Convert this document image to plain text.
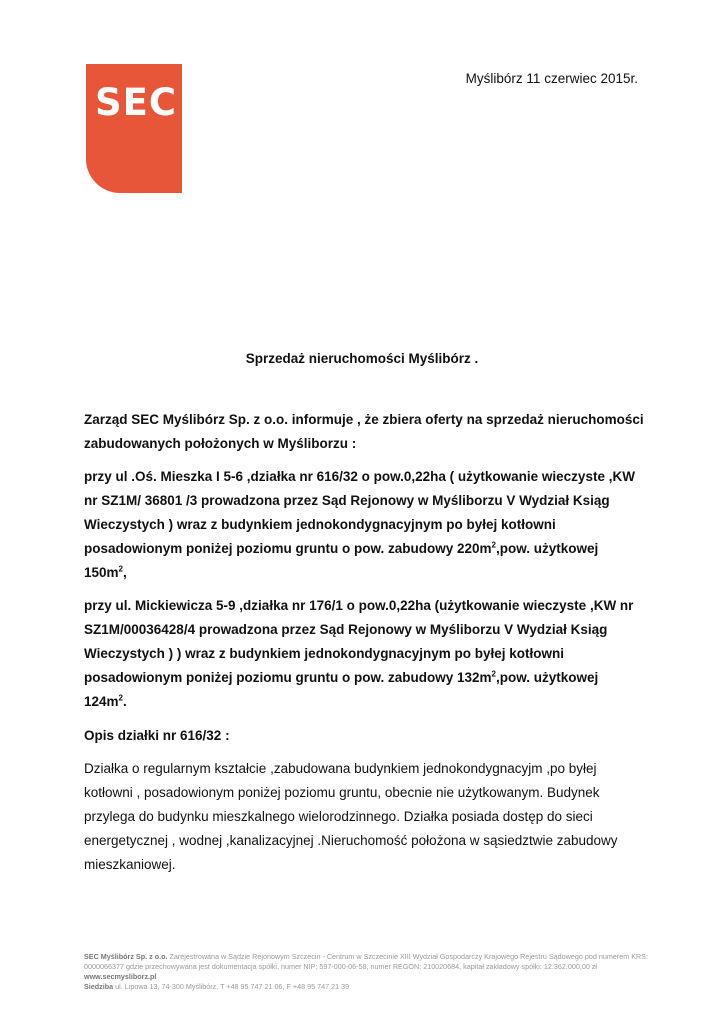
SEC
Myślibórz 11 czerwiec 2015r.
Sprzedaż nieruchomości Myślibórz .

Zarząd SEC Myślibórz Sp. z o.o. informuje , że zbiera oferty na sprzedaż nieruchomości zabudowanych położonych w Myśliborzu :

przy ul .Oś. Mieszka I 5-6 ,działka nr 616/32 o pow.0,22ha ( użytkowanie wieczyste ,KW nr SZ1M/ 36801 /3 prowadzona przez Sąd Rejonowy w Myśliborzu V Wydział Ksiąg Wieczystych ) wraz z budynkiem jednokondygnacyjnym po byłej kotłowni posadowionym poniżej poziomu gruntu o pow. zabudowy $220m^2,pow$. użytkowej $150m^2$,

przy ul. Mickiewicza 5-9 ,działka nr 176/1 o pow.0,22ha (użytkowanie wieczyste ,KW nr SZ1M/00036428/4 prowadzona przez Sąd Rejonowy w Myśliborzu V Wydział Ksiąg Wieczystych ) ) wraz z budynkiem jednokondygnacyjnym po byłej kotłowni posadowionym poniżej poziomu gruntu o pow. zabudowy $132m^2,pow$. użytkowej $124m^2$.

Opis działki nr 616/32 :

Działka o regularnym kształcie ,zabudowana budynkiem jednokondygnacyjm ,po byłej kotłowni , posadowionym poniżej poziomu gruntu, obecnie nie użytkowanym. Budynek przylega do budynku mieszkalnego wielorodzinnego. Działka posiada dostęp do sieci energetycznej , wodnej ,kanalizacyjnej .Nieruchomość położona w sąsiedztwie zabudowy mieszkaniowej.

SEC Myślibórz Sp. z o.o. Zarejestrowana w Sądzie Rejonowym Szczecin - Centrum w Szczecinie XIII Wydział Gospodarczy Krajowego Rejestru Sądowego pod numerem KRS: 0000066377 gdzie przechowywana jest dokumentacja spółki, numer NIP: 597-000-06-58, numer REGON: 210020684, kapitał zakładowy spółki: 12.362.000,00 zł
www.secmysliborz.pl
Siedziba ul. Lipowa 13, 74-300 Myślibórz, T +48 95 747 21 06, F +48 95 747 21 39
